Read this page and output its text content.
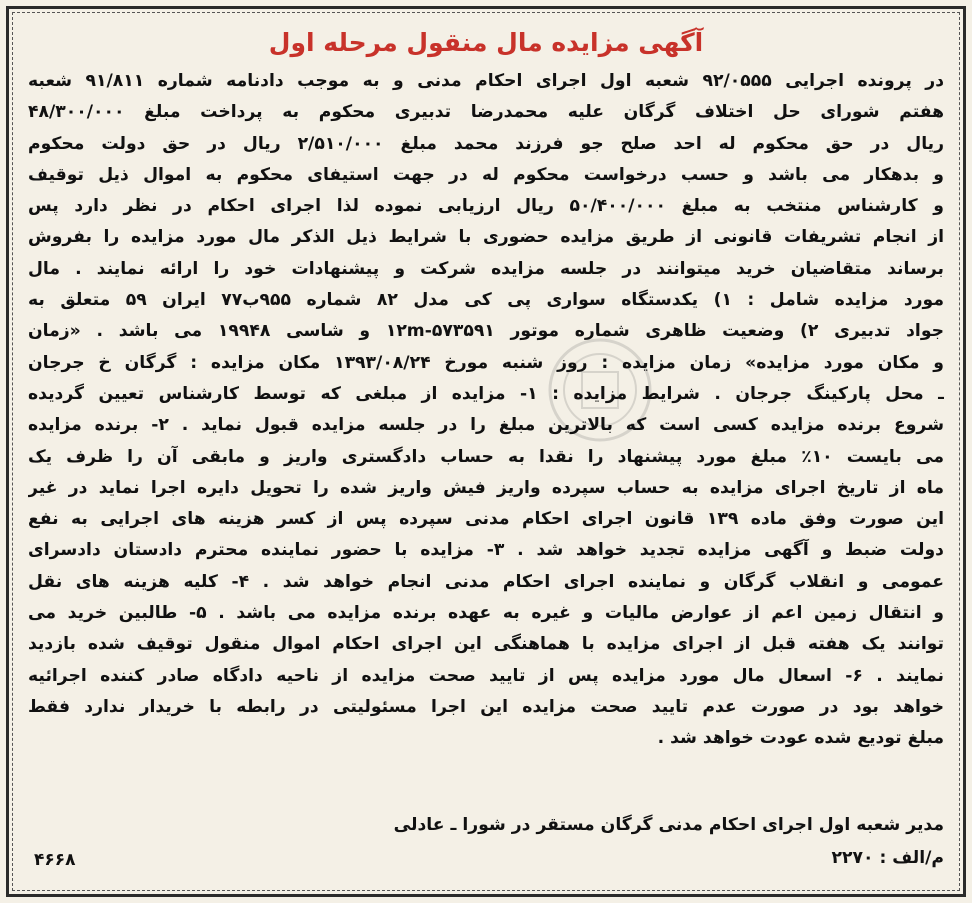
آگهی مزایده مال منقول مرحله اول
در پرونده اجرایی ۹۲/۰۵۵۵ شعبه اول اجرای احکام مدنی و به موجب دادنامه شماره ۹۱/۸۱۱ شعبه
هفتم شورای حل اختلاف گرگان علیه محمدرضا تدبیری محکوم به پرداخت مبلغ ۴۸/۳۰۰/۰۰۰
ریال در حق محکوم له احد صلح جو فرزند محمد مبلغ ۲/۵۱۰/۰۰۰ ریال در حق دولت محکوم
و بدهکار می باشد و حسب درخواست محکوم له در جهت استیفای محکوم به اموال ذیل توقیف
و کارشناس منتخب به مبلغ ۵۰/۴۰۰/۰۰۰ ریال ارزیابی نموده لذا اجرای احکام در نظر دارد پس
از انجام تشریفات قانونی از طریق مزایده حضوری با شرایط ذیل الذکر مال مورد مزایده را بفروش
برساند متقاضیان خرید میتوانند در جلسه مزایده شرکت و پیشنهادات خود را ارائه نمایند . مال
مورد مزایده شامل : ۱) یکدستگاه سواری پی کی مدل ۸۲ شماره ۹۵۵ب۷۷ ایران ۵۹ متعلق به
جواد تدبیری ۲) وضعیت ظاهری شماره موتور ۱۲m-۵۷۳۵۹۱ و شاسی ۱۹۹۴۸ می باشد . «زمان
و مکان مورد مزایده» زمان مزایده : روز شنبه مورخ ۱۳۹۳/۰۸/۲۴ مکان مزایده : گرگان خ جرجان
ـ محل پارکینگ جرجان . شرایط مزایده : ۱- مزایده از مبلغی که توسط کارشناس تعیین گردیده
شروع برنده مزایده کسی است که بالاترین مبلغ را در جلسه مزایده قبول نماید . ۲- برنده مزایده
می بایست ۱۰٪ مبلغ مورد پیشنهاد را نقدا به حساب دادگستری واریز و مابقی آن را ظرف یک
ماه از تاریخ اجرای مزایده به حساب سپرده واریز فیش واریز شده را تحویل دایره اجرا نماید در غیر
این صورت وفق ماده ۱۳۹ قانون اجرای احکام مدنی سپرده پس از کسر هزینه های اجرایی به نفع
دولت ضبط و آگهی مزایده تجدید خواهد شد . ۳- مزایده با حضور نماینده محترم دادستان دادسرای
عمومی و انقلاب گرگان و نماینده اجرای احکام مدنی انجام خواهد شد . ۴- کلیه هزینه های نقل
و انتقال زمین اعم از عوارض مالیات و غیره به عهده برنده مزایده می باشد . ۵- طالبین خرید می
توانند یک هفته قبل از اجرای مزایده با هماهنگی این اجرای احکام اموال منقول توقیف شده بازدید
نمایند . ۶- اسعال مال مورد مزایده پس از تایید صحت مزایده از ناحیه دادگاه صادر کننده اجرائیه
خواهد بود در صورت عدم تایید صحت مزایده این اجرا مسئولیتی در رابطه با خریدار ندارد فقط
مبلغ تودیع شده عودت خواهد شد .
مدیر شعبه اول اجرای احکام مدنی گرگان مستقر در شورا ـ عادلی
م/الف : ۲۲۷۰
۴۶۶۸
